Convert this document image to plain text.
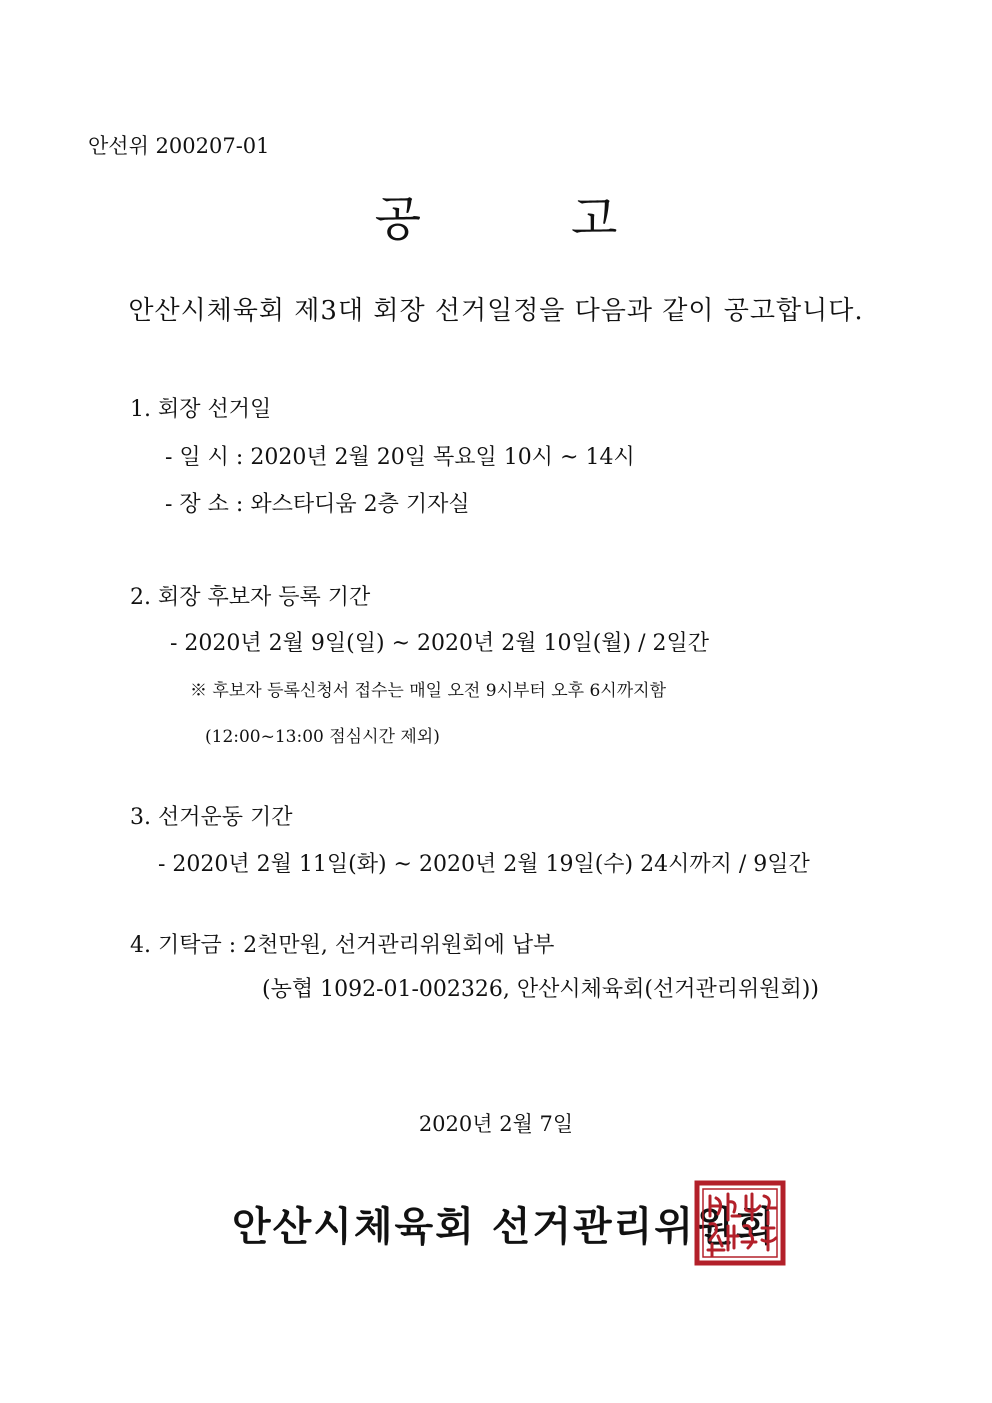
안선위 200207-01
공고
안산시체육회 제3대 회장 선거일정을 다음과 같이 공고합니다.
1. 회장 선거일
- 일 시 : 2020년 2월 20일 목요일 10시 ~ 14시
- 장 소 : 와스타디움 2층 기자실
2. 회장 후보자 등록 기간
- 2020년 2월 9일(일) ~ 2020년 2월 10일(월) / 2일간
※ 후보자 등록신청서 접수는 매일 오전 9시부터 오후 6시까지함
(12:00~13:00 점심시간 제외)
3. 선거운동 기간
- 2020년 2월 11일(화) ~ 2020년 2월 19일(수) 24시까지 / 9일간
4. 기탁금 : 2천만원, 선거관리위원회에 납부
(농협 1092-01-002326, 안산시체육회(선거관리위원회))
2020년 2월 7일
안산시체육회 선거관리위원회
